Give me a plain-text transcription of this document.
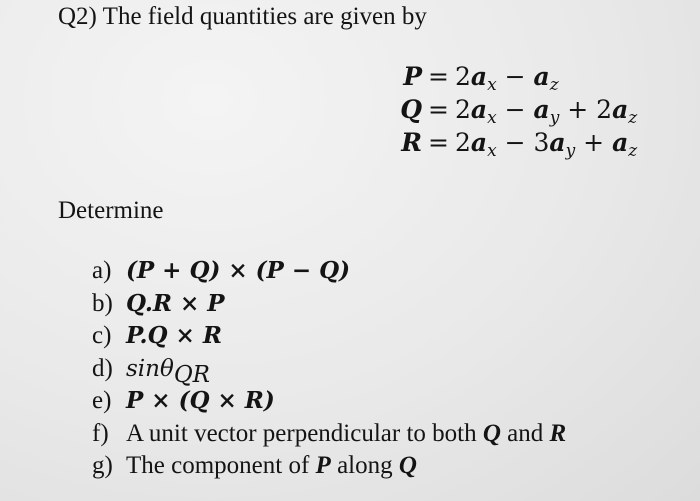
Q2) The field quantities are given by
$P = 2a_x - a_z$
$Q = 2a_x - a_y + 2a_z$
$R = 2a_x - 3a_y + a_z$
Determine
a) (P + Q) × (P − Q)
b) Q.R × P
c) P.Q × R
d) sinθ$_{QR}$
e) P × (Q × R)
f) A unit vector perpendicular to both Q and R
g) The component of P along Q
